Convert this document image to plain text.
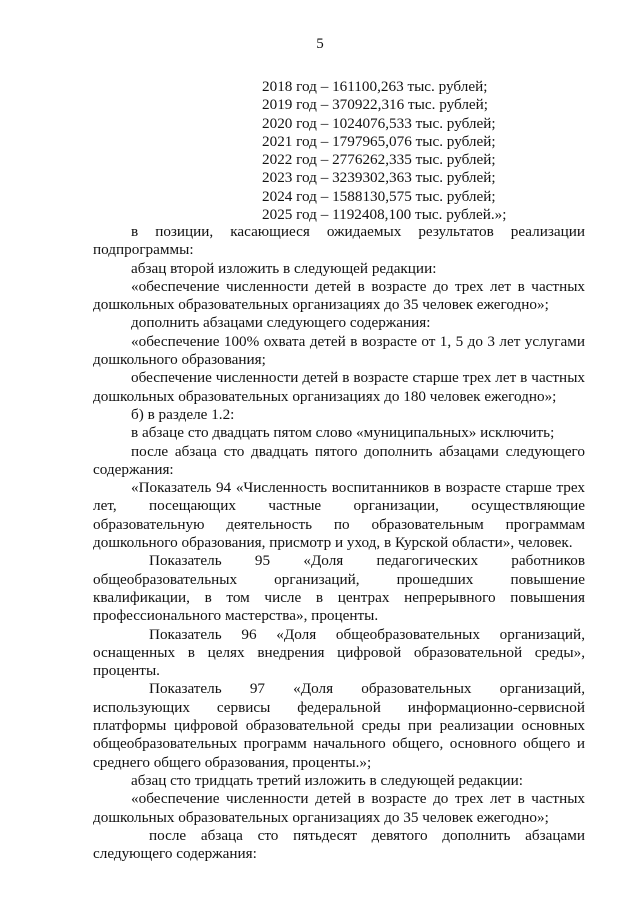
5
2018 год – 161100,263 тыс. рублей;
2019 год – 370922,316 тыс. рублей;
2020 год – 1024076,533 тыс. рублей;
2021 год – 1797965,076 тыс. рублей;
2022 год – 2776262,335 тыс. рублей;
2023 год – 3239302,363 тыс. рублей;
2024 год – 1588130,575 тыс. рублей;
2025 год – 1192408,100 тыс. рублей.»;

в позиции, касающиеся ожидаемых результатов реализации подпрограммы:

абзац второй изложить в следующей редакции:

«обеспечение численности детей в возрасте до трех лет в частных дошкольных образовательных организациях до 35 человек ежегодно»;

дополнить абзацами следующего содержания:

«обеспечение 100% охвата детей в возрасте от 1, 5 до 3 лет услугами дошкольного образования;

обеспечение численности детей в возрасте старше трех лет в частных дошкольных образовательных организациях до 180 человек ежегодно»;

б) в разделе 1.2:

в абзаце сто двадцать пятом слово «муниципальных» исключить;

после абзаца сто двадцать пятого дополнить абзацами следующего содержания:

«Показатель 94 «Численность воспитанников в возрасте старше трех лет, посещающих частные организации, осуществляющие образовательную деятельность по образовательным программам дошкольного образования, присмотр и уход, в Курской области», человек.

Показатель 95 «Доля педагогических работников общеобразовательных организаций, прошедших повышение квалификации, в том числе в центрах непрерывного повышения профессионального мастерства», проценты.

Показатель 96 «Доля общеобразовательных организаций, оснащенных в целях внедрения цифровой образовательной среды», проценты.

Показатель 97 «Доля образовательных организаций, использующих сервисы федеральной информационно-сервисной платформы цифровой образовательной среды при реализации основных общеобразовательных программ начального общего, основного общего и среднего общего образования, проценты.»;

абзац сто тридцать третий изложить в следующей редакции:

«обеспечение численности детей в возрасте до трех лет в частных дошкольных образовательных организациях до 35 человек ежегодно»;

после абзаца сто пятьдесят девятого дополнить абзацами следующего содержания:
